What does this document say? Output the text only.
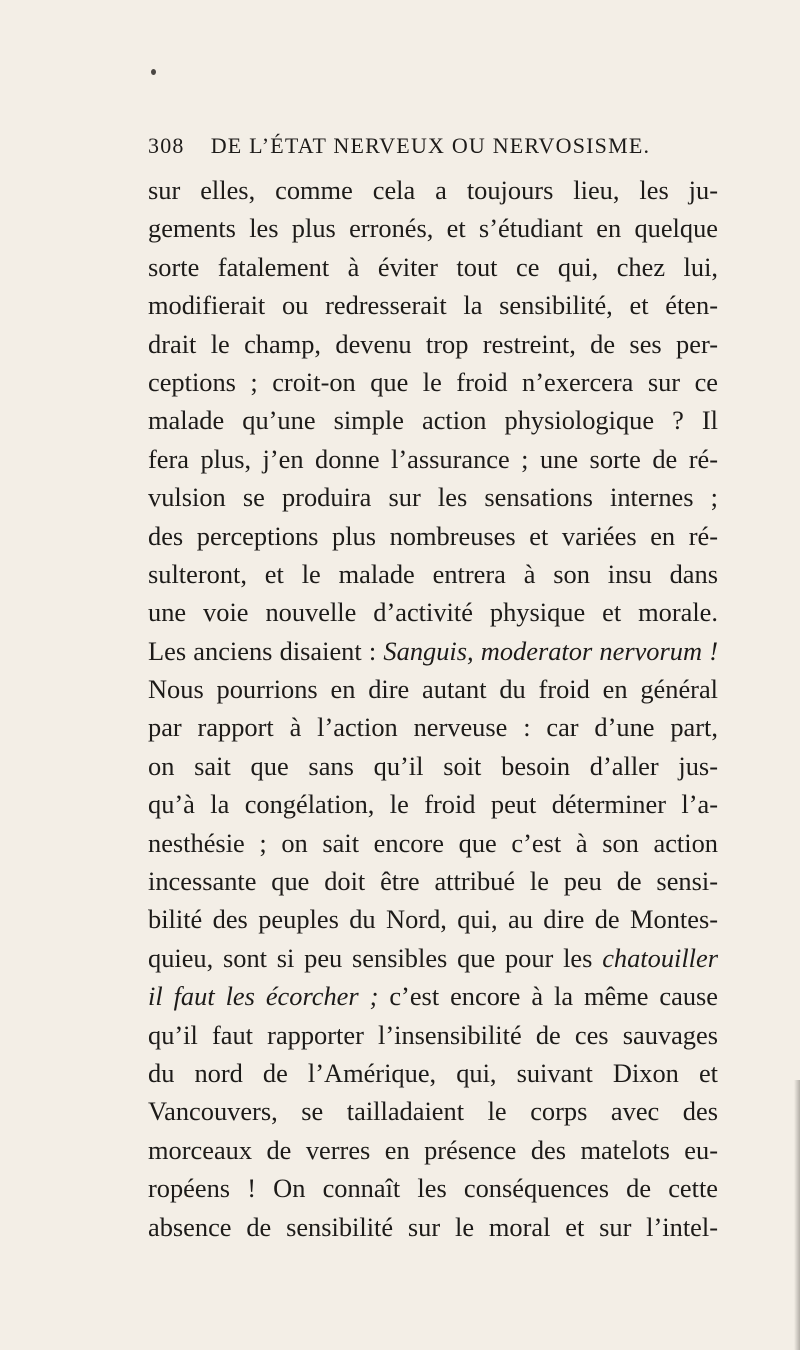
308 DE L’ÉTAT NERVEUX OU NERVOSISME.
sur elles, comme cela a toujours lieu, les ju-
gements les plus erronés, et s’étudiant en quelque
sorte fatalement à éviter tout ce qui, chez lui,
modifierait ou redresserait la sensibilité, et éten-
drait le champ, devenu trop restreint, de ses per-
ceptions ; croit-on que le froid n’exercera sur ce
malade qu’une simple action physiologique ? Il
fera plus, j’en donne l’assurance ; une sorte de ré-
vulsion se produira sur les sensations internes ;
des perceptions plus nombreuses et variées en ré-
sulteront, et le malade entrera à son insu dans
une voie nouvelle d’activité physique et morale.
Les anciens disaient : Sanguis, moderator nervorum !
Nous pourrions en dire autant du froid en général
par rapport à l’action nerveuse : car d’une part,
on sait que sans qu’il soit besoin d’aller jus-
qu’à la congélation, le froid peut déterminer l’a-
nesthésie ; on sait encore que c’est à son action
incessante que doit être attribué le peu de sensi-
bilité des peuples du Nord, qui, au dire de Montes-
quieu, sont si peu sensibles que pour les chatouiller
il faut les écorcher ; c’est encore à la même cause
qu’il faut rapporter l’insensibilité de ces sauvages
du nord de l’Amérique, qui, suivant Dixon et
Vancouvers, se tailladaient le corps avec des
morceaux de verres en présence des matelots eu-
ropéens ! On connaît les conséquences de cette
absence de sensibilité sur le moral et sur l’intel-
